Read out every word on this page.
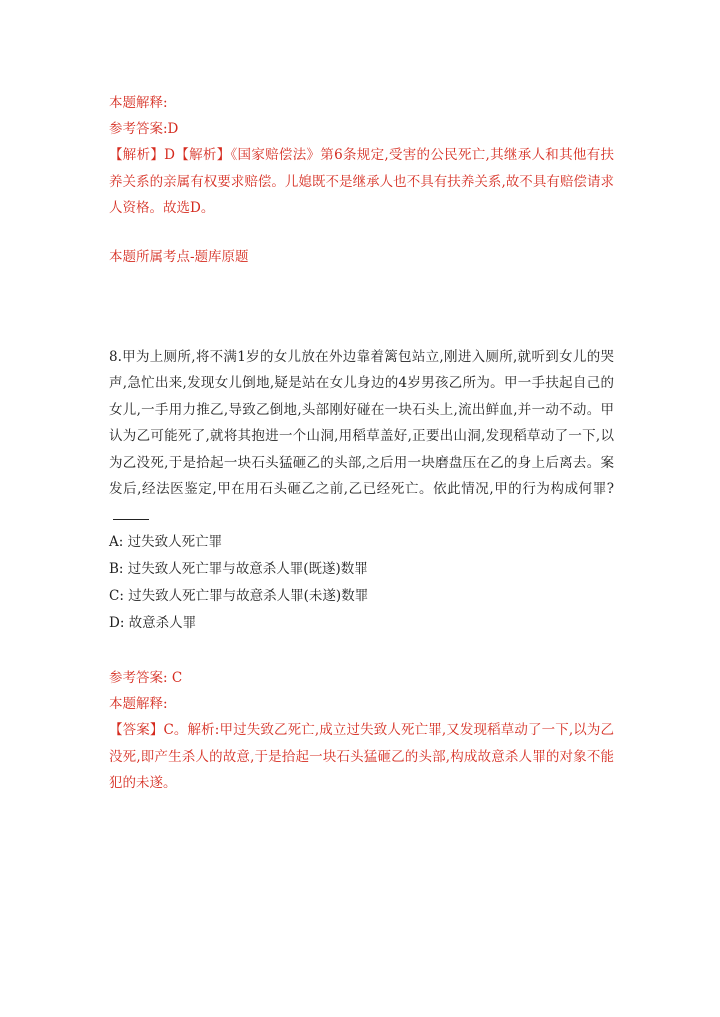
本题解释:
参考答案:D
【解析】D【解析】《国家赔偿法》第6条规定,受害的公民死亡,其继承人和其他有扶养关系的亲属有权要求赔偿。儿媳既不是继承人也不具有扶养关系,故不具有赔偿请求人资格。故选D。
本题所属考点-题库原题
8.甲为上厕所,将不满1岁的女儿放在外边靠着篱包站立,刚进入厕所,就听到女儿的哭声,急忙出来,发现女儿倒地,疑是站在女儿身边的4岁男孩乙所为。甲一手扶起自己的女儿,一手用力推乙,导致乙倒地,头部刚好碰在一块石头上,流出鲜血,并一动不动。甲认为乙可能死了,就将其抱进一个山洞,用稻草盖好,正要出山洞,发现稻草动了一下,以为乙没死,于是拾起一块石头猛砸乙的头部,之后用一块磨盘压在乙的身上后离去。案发后,经法医鉴定,甲在用石头砸乙之前,乙已经死亡。依此情况,甲的行为构成何罪?
A: 过失致人死亡罪
B: 过失致人死亡罪与故意杀人罪(既遂)数罪
C: 过失致人死亡罪与故意杀人罪(未遂)数罪
D: 故意杀人罪
参考答案: C
本题解释:
【答案】C。解析:甲过失致乙死亡,成立过失致人死亡罪,又发现稻草动了一下,以为乙没死,即产生杀人的故意,于是拾起一块石头猛砸乙的头部,构成故意杀人罪的对象不能犯的未遂。
